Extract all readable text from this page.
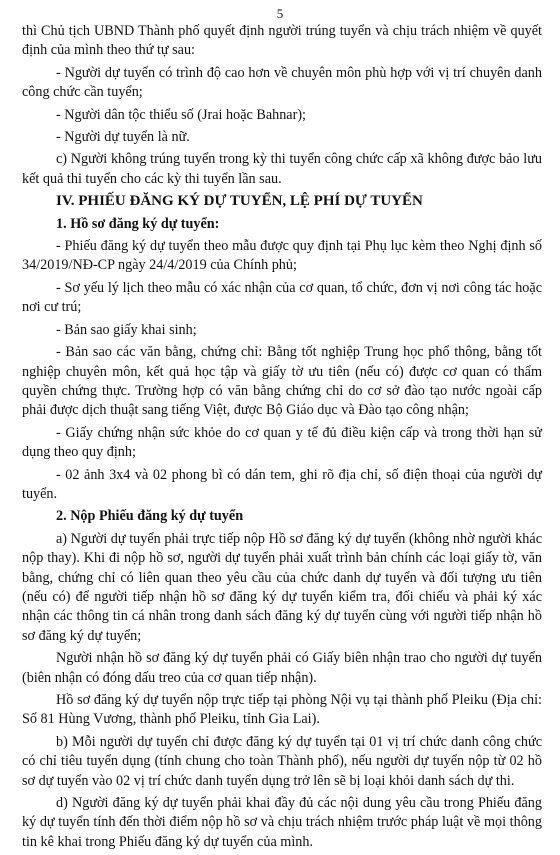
5

thì Chủ tịch UBND Thành phố quyết định người trúng tuyển và chịu trách nhiệm về quyết định của mình theo thứ tự sau:

- Người dự tuyển có trình độ cao hơn về chuyên môn phù hợp với vị trí chuyên danh công chức cần tuyển;

- Người dân tộc thiểu số (Jrai hoặc Bahnar);

- Người dự tuyển là nữ.

c) Người không trúng tuyển trong kỳ thi tuyển công chức cấp xã không được bảo lưu kết quả thi tuyển cho các kỳ thi tuyển lần sau.

IV. PHIẾU ĐĂNG KÝ DỰ TUYỂN, LỆ PHÍ DỰ TUYỂN

1. Hồ sơ đăng ký dự tuyển:

- Phiếu đăng ký dự tuyển theo mẫu được quy định tại Phụ lục kèm theo Nghị định số 34/2019/NĐ-CP ngày 24/4/2019 của Chính phủ;

- Sơ yếu lý lịch theo mẫu có xác nhận của cơ quan, tổ chức, đơn vị nơi công tác hoặc nơi cư trú;

- Bản sao giấy khai sinh;

- Bản sao các văn bằng, chứng chỉ: Bằng tốt nghiệp Trung học phổ thông, bằng tốt nghiệp chuyên môn, kết quả học tập và giấy tờ ưu tiên (nếu có) được cơ quan có thẩm quyền chứng thực. Trường hợp có văn bằng chứng chỉ do cơ sở đào tạo nước ngoài cấp phải được dịch thuật sang tiếng Việt, được Bộ Giáo dục và Đào tạo công nhận;

- Giấy chứng nhận sức khỏe do cơ quan y tế đủ điều kiện cấp và trong thời hạn sử dụng theo quy định;

- 02 ảnh 3x4 và 02 phong bì có dán tem, ghi rõ địa chỉ, số điện thoại của người dự tuyển.

2. Nộp Phiếu đăng ký dự tuyển

a) Người dự tuyển phải trực tiếp nộp Hồ sơ đăng ký dự tuyển (không nhờ người khác nộp thay). Khi đi nộp hồ sơ, người dự tuyển phải xuất trình bản chính các loại giấy tờ, văn bằng, chứng chỉ có liên quan theo yêu cầu của chức danh dự tuyển và đối tượng ưu tiên (nếu có) để người tiếp nhận hồ sơ đăng ký dự tuyển kiểm tra, đối chiếu và phải ký xác nhận các thông tin cá nhân trong danh sách đăng ký dự tuyển cùng với người tiếp nhận hồ sơ đăng ký dự tuyển;

Người nhận hồ sơ đăng ký dự tuyển phải có Giấy biên nhận trao cho người dự tuyển (biên nhận có đóng dấu treo của cơ quan tiếp nhận).

Hồ sơ đăng ký dự tuyển nộp trực tiếp tại phòng Nội vụ tại thành phố Pleiku (Địa chỉ: Số 81 Hùng Vương, thành phố Pleiku, tỉnh Gia Lai).

b) Mỗi người dự tuyển chỉ được đăng ký dự tuyển tại 01 vị trí chức danh công chức có chỉ tiêu tuyển dụng (tính chung cho toàn Thành phố), nếu người dự tuyển nộp từ 02 hồ sơ dự tuyển vào 02 vị trí chức danh tuyển dụng trở lên sẽ bị loại khỏi danh sách dự thi.

d) Người đăng ký dự tuyển phải khai đầy đủ các nội dung yêu cầu trong Phiếu đăng ký dự tuyển tính đến thời điểm nộp hồ sơ và chịu trách nhiệm trước pháp luật về mọi thông tin kê khai trong Phiếu đăng ký dự tuyển của mình.
